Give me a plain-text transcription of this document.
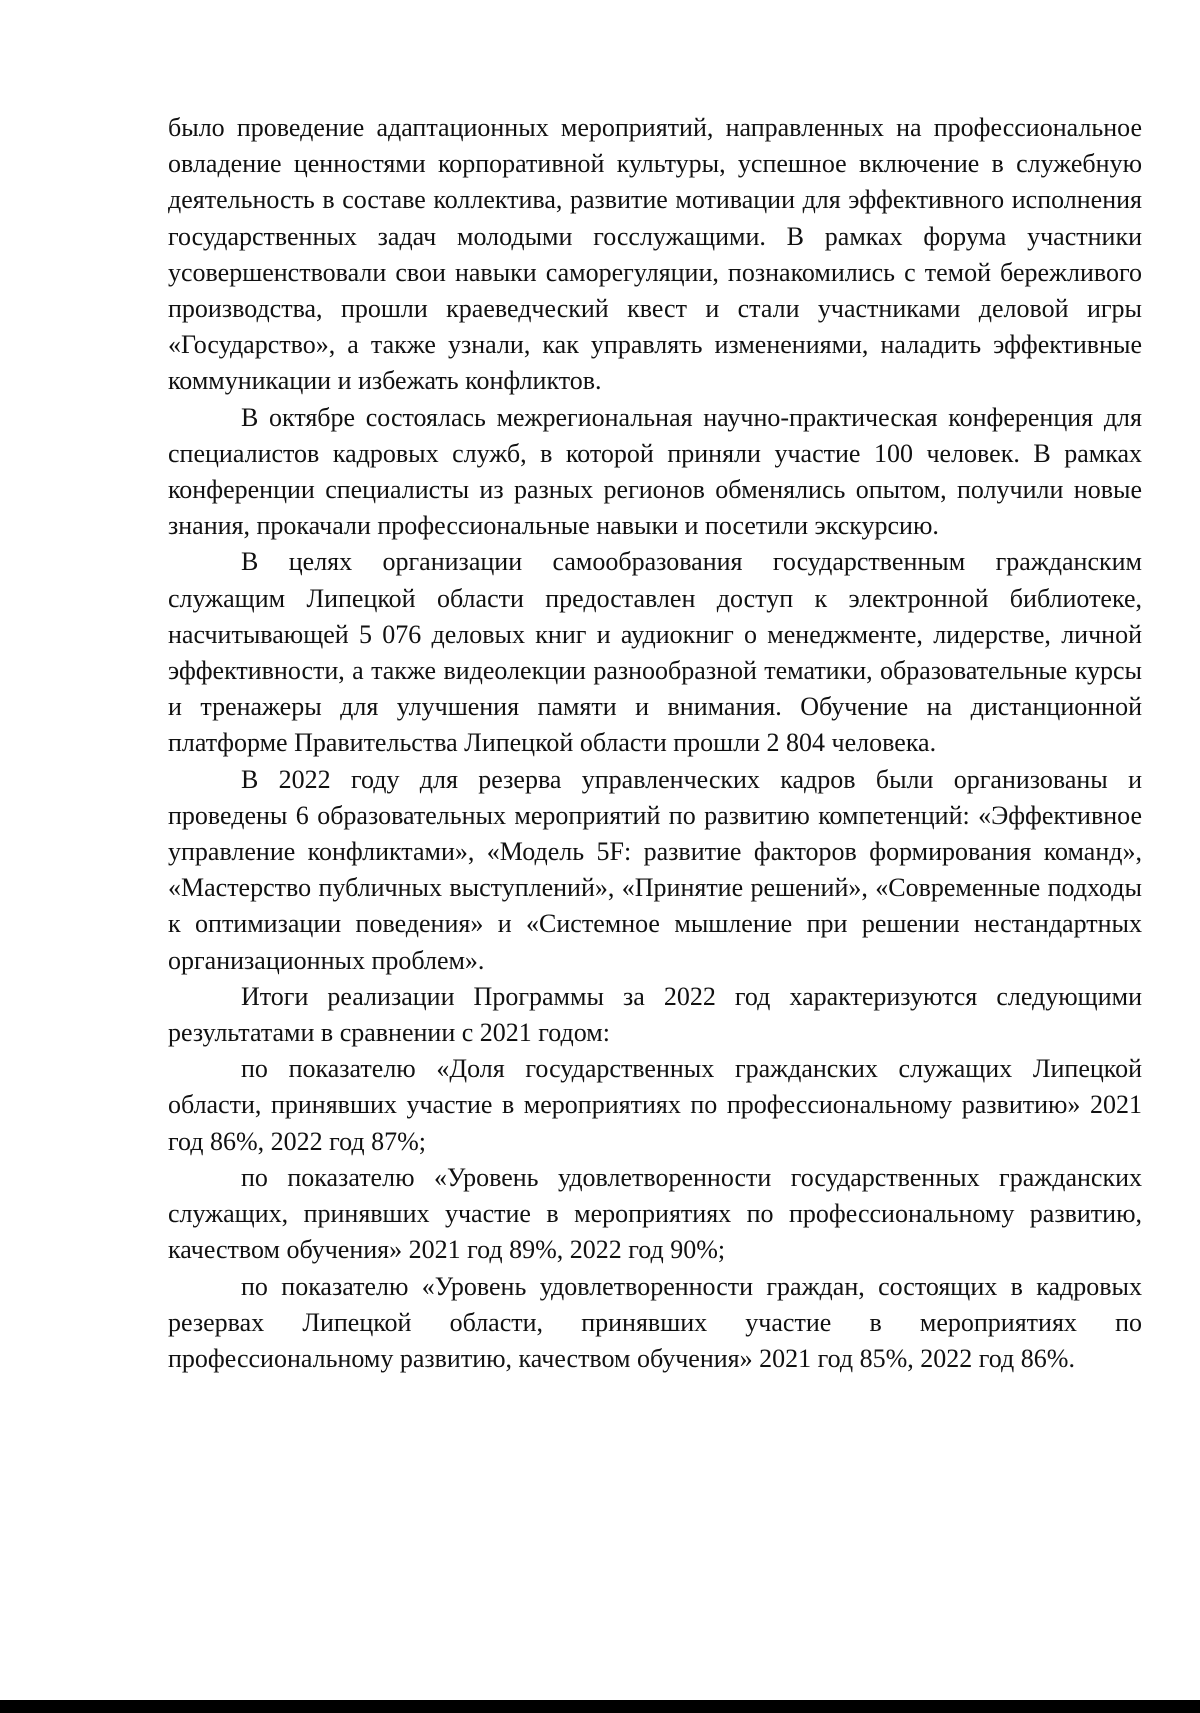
было проведение адаптационных мероприятий, направленных на профессиональное овладение ценностями корпоративной культуры, успешное включение в служебную деятельность в составе коллектива, развитие мотивации для эффективного исполнения государственных задач молодыми госслужащими. В рамках форума участники усовершенствовали свои навыки саморегуляции, познакомились с темой бережливого производства, прошли краеведческий квест и стали участниками деловой игры «Государство», а также узнали, как управлять изменениями, наладить эффективные коммуникации и избежать конфликтов.

В октябре состоялась межрегиональная научно-практическая конференция для специалистов кадровых служб, в которой приняли участие 100 человек. В рамках конференции специалисты из разных регионов обменялись опытом, получили новые знания, прокачали профессиональные навыки и посетили экскурсию.

В целях организации самообразования государственным гражданским служащим Липецкой области предоставлен доступ к электронной библиотеке, насчитывающей 5 076 деловых книг и аудиокниг о менеджменте, лидерстве, личной эффективности, а также видеолекции разнообразной тематики, образовательные курсы и тренажеры для улучшения памяти и внимания. Обучение на дистанционной платформе Правительства Липецкой области прошли 2 804 человека.

В 2022 году для резерва управленческих кадров были организованы и проведены 6 образовательных мероприятий по развитию компетенций: «Эффективное управление конфликтами», «Модель 5F: развитие факторов формирования команд», «Мастерство публичных выступлений», «Принятие решений», «Современные подходы к оптимизации поведения» и «Системное мышление при решении нестандартных организационных проблем».

Итоги реализации Программы за 2022 год характеризуются следующими результатами в сравнении с 2021 годом:

по показателю «Доля государственных гражданских служащих Липецкой области, принявших участие в мероприятиях по профессиональному развитию» 2021 год 86%, 2022 год 87%;

по показателю «Уровень удовлетворенности государственных гражданских служащих, принявших участие в мероприятиях по профессиональному развитию, качеством обучения» 2021 год 89%, 2022 год 90%;

по показателю «Уровень удовлетворенности граждан, состоящих в кадровых резервах Липецкой области, принявших участие в мероприятиях по профессиональному развитию, качеством обучения» 2021 год 85%, 2022 год 86%.
